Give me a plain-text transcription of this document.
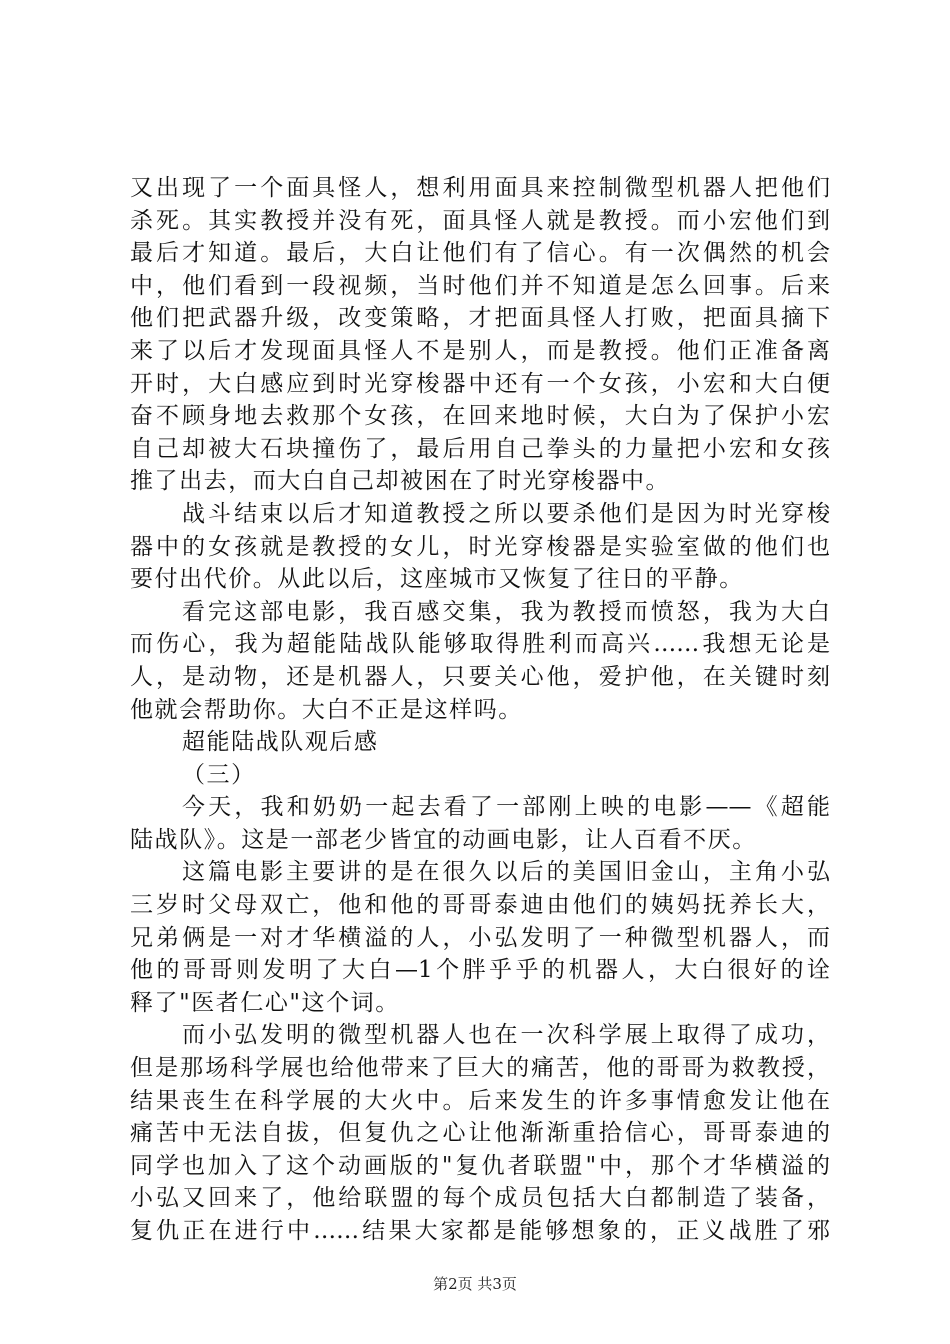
又出现了一个面具怪人，想利用面具来控制微型机器人把他们
杀死。其实教授并没有死，面具怪人就是教授。而小宏他们到
最后才知道。最后，大白让他们有了信心。有一次偶然的机会
中，他们看到一段视频，当时他们并不知道是怎么回事。后来
他们把武器升级，改变策略，才把面具怪人打败，把面具摘下
来了以后才发现面具怪人不是别人，而是教授。他们正准备离
开时，大白感应到时光穿梭器中还有一个女孩，小宏和大白便
奋不顾身地去救那个女孩，在回来地时候，大白为了保护小宏
自己却被大石块撞伤了，最后用自己拳头的力量把小宏和女孩
推了出去，而大白自己却被困在了时光穿梭器中。
战斗结束以后才知道教授之所以要杀他们是因为时光穿梭
器中的女孩就是教授的女儿，时光穿梭器是实验室做的他们也
要付出代价。从此以后，这座城市又恢复了往日的平静。
看完这部电影，我百感交集，我为教授而愤怒，我为大白
而伤心，我为超能陆战队能够取得胜利而高兴……我想无论是
人，是动物，还是机器人，只要关心他，爱护他，在关键时刻
他就会帮助你。大白不正是这样吗。
超能陆战队观后感
（三）
今天，我和奶奶一起去看了一部刚上映的电影——《超能
陆战队》。这是一部老少皆宜的动画电影，让人百看不厌。
这篇电影主要讲的是在很久以后的美国旧金山，主角小弘
三岁时父母双亡，他和他的哥哥泰迪由他们的姨妈抚养长大，
兄弟俩是一对才华横溢的人，小弘发明了一种微型机器人，而
他的哥哥则发明了大白—1个胖乎乎的机器人，大白很好的诠
释了"医者仁心"这个词。
而小弘发明的微型机器人也在一次科学展上取得了成功，
但是那场科学展也给他带来了巨大的痛苦，他的哥哥为救教授，
结果丧生在科学展的大火中。后来发生的许多事情愈发让他在
痛苦中无法自拔，但复仇之心让他渐渐重拾信心，哥哥泰迪的
同学也加入了这个动画版的"复仇者联盟"中，那个才华横溢的
小弘又回来了，他给联盟的每个成员包括大白都制造了装备，
复仇正在进行中……结果大家都是能够想象的，正义战胜了邪
第2页 共3页
